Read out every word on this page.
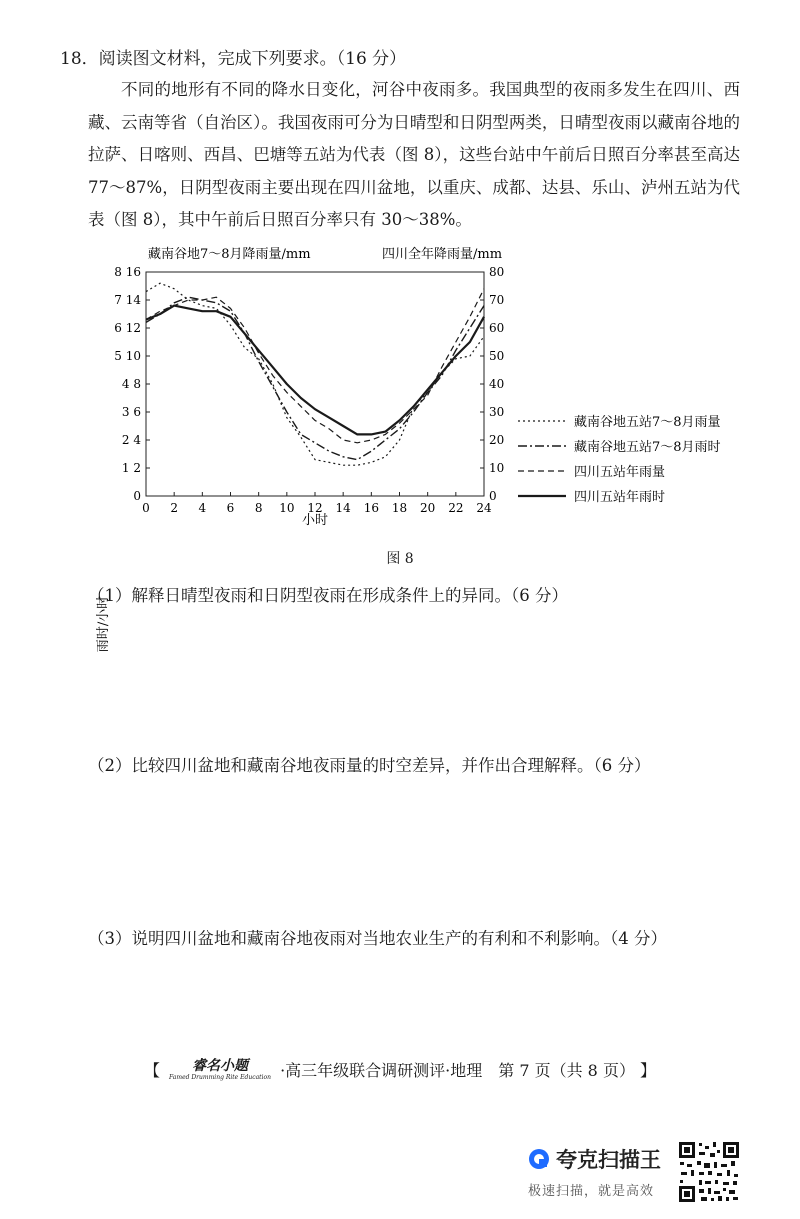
18．阅读图文材料，完成下列要求。（16 分）
不同的地形有不同的降水日变化，河谷中夜雨多。我国典型的夜雨多发生在四川、西藏、云南等省（自治区）。我国夜雨可分为日晴型和日阴型两类，日晴型夜雨以藏南谷地的拉萨、日喀则、西昌、巴塘等五站为代表（图 8），这些台站中午前后日照百分率甚至高达 77～87%，日阴型夜雨主要出现在四川盆地，以重庆、成都、达县、乐山、泸州五站为代表（图 8），其中午前后日照百分率只有 30～38%。
藏南谷地7～8月降雨量/mm	四川全年降雨量/mm
雨时/小时
小时
0
0
10
1 2
20
2 4
30
3 6
40
4 8
50
5 10
60
6 12
70
7 14
80
8 16
0 2 4 6 8 10 12 14 16 18 20 22 24
藏南谷地五站7～8月雨量
藏南谷地五站7～8月雨时
四川五站年雨量
四川五站年雨时
图 8
（1）解释日晴型夜雨和日阴型夜雨在形成条件上的异同。（6 分）
（2）比较四川盆地和藏南谷地夜雨量的时空差异，并作出合理解释。（6 分）
（3）说明四川盆地和藏南谷地夜雨对当地农业生产的有利和不利影响。（4 分）
【 睿名小题
Famed Drumming Rite Education ·高三年级联合调研测评·地理　第 7 页（共 8 页） 】
夸克扫描王
极速扫描，就是高效
